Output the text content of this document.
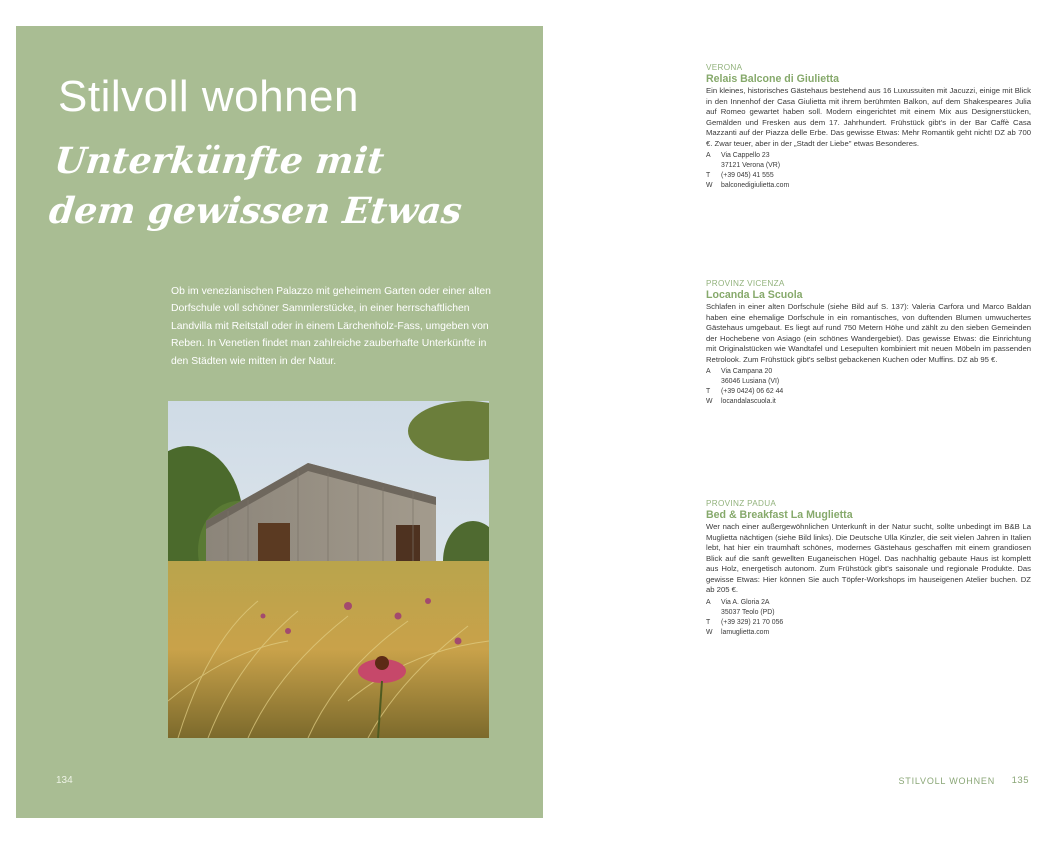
Stilvoll wohnen
Unterkünfte mit
dem gewissen Etwas

Ob im venezianischen Palazzo mit geheimem Garten oder einer alten Dorfschule voll schöner Sammlerstücke, in einer herrschaftlichen Landvilla mit Reitstall oder in einem Lärchenholz-Fass, umgeben von Reben. In Venetien findet man zahlreiche zauberhafte Unterkünfte in den Städten wie mitten in der Natur.

134
VERONA
Relais Balcone di Giulietta

Ein kleines, historisches Gästehaus bestehend aus 16 Luxussuiten mit Jacuzzi, einige mit Blick in den Innenhof der Casa Giulietta mit ihrem berühmten Balkon, auf dem Shakespeares Julia auf Romeo gewartet haben soll. Modern eingerichtet mit einem Mix aus Designerstücken, Gemälden und Fresken aus dem 17. Jahrhundert. Frühstück gibt's in der Bar Caffè Casa Mazzanti auf der Piazza delle Erbe. Das gewisse Etwas: Mehr Romantik geht nicht! DZ ab 700 €. Zwar teuer, aber in der „Stadt der Liebe" etwas Besonderes.

A	Via Cappello 23
37121 Verona (VR)
T	(+39 045) 41 555
W	balconedigiulietta.com
PROVINZ VICENZA
Locanda La Scuola

Schlafen in einer alten Dorfschule (siehe Bild auf S. 137): Valeria Carfora und Marco Baldan haben eine ehemalige Dorfschule in ein romantisches, von duftenden Blumen umwuchertes Gästehaus umgebaut. Es liegt auf rund 750 Metern Höhe und zählt zu den sieben Gemeinden der Hochebene von Asiago (ein schönes Wandergebiet). Das gewisse Etwas: die Einrichtung mit Originalstücken wie Wandtafel und Lesepulten kombiniert mit neuen Möbeln im passenden Retrolook. Zum Frühstück gibt's selbst gebackenen Kuchen oder Muffins. DZ ab 95 €.

A	Via Campana 20
36046 Lusiana (VI)
T	(+39 0424) 06 62 44
W	locandalascuola.it
PROVINZ PADUA
Bed & Breakfast La Muglietta

Wer nach einer außergewöhnlichen Unterkunft in der Natur sucht, sollte unbedingt im B&B La Muglietta nächtigen (siehe Bild links). Die Deutsche Ulla Kinzler, die seit vielen Jahren in Italien lebt, hat hier ein traumhaft schönes, modernes Gästehaus geschaffen mit einem grandiosen Blick auf die sanft gewellten Euganeischen Hügel. Das nachhaltig gebaute Haus ist komplett aus Holz, energetisch autonom. Zum Frühstück gibt's saisonale und regionale Produkte. Das gewisse Etwas: Hier können Sie auch Töpfer-Workshops im hauseigenen Atelier buchen. DZ ab 205 €.

A	Via A. Gloria 2A
35037 Teolo (PD)
T	(+39 329) 21 70 056
W	lamuglietta.com
STILVOLL WOHNEN 135
